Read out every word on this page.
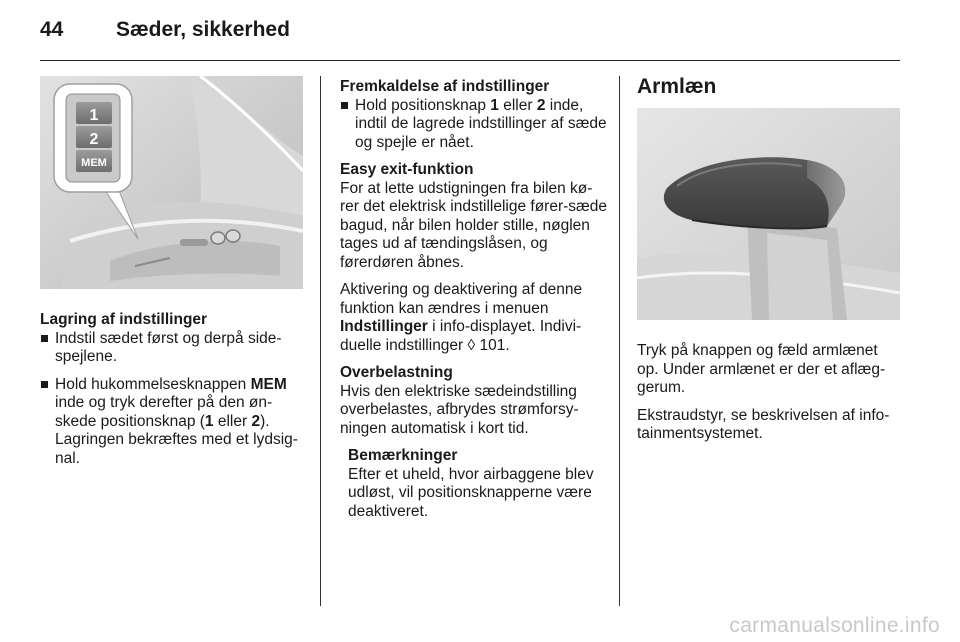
44	Sæder, sikkerhed
1
2
MEM
Lagring af indstillinger
Indstil sædet først og derpå side-spejlene.
Hold hukommelsesknappen MEM inde og tryk derefter på den øn-skede positionsknap (1 eller 2). Lagringen bekræftes med et lydsig-nal.
Fremkaldelse af indstillinger
Hold positionsknap 1 eller 2 inde, indtil de lagrede indstillinger af sæde og spejle er nået.

Easy exit-funktion
For at lette udstigningen fra bilen kø-rer det elektrisk indstillelige fører-sæde bagud, når bilen holder stille, nøglen tages ud af tændingslåsen, og førerdøren åbnes.

Aktivering og deaktivering af denne funktion kan ændres i menuen Indstillinger i info-displayet. Indivi-duelle indstillinger ◊ 101.

Overbelastning
Hvis den elektriske sædeindstilling overbelastes, afbrydes strømforsy-ningen automatisk i kort tid.

Bemærkninger
Efter et uheld, hvor airbaggene blev udløst, vil positionsknapperne være deaktiveret.

Armlæn

Tryk på knappen og fæld armlænet op. Under armlænet er der et aflæg-gerum.

Ekstraudstyr, se beskrivelsen af info-tainmentsystemet.

carmanualsonline.info
